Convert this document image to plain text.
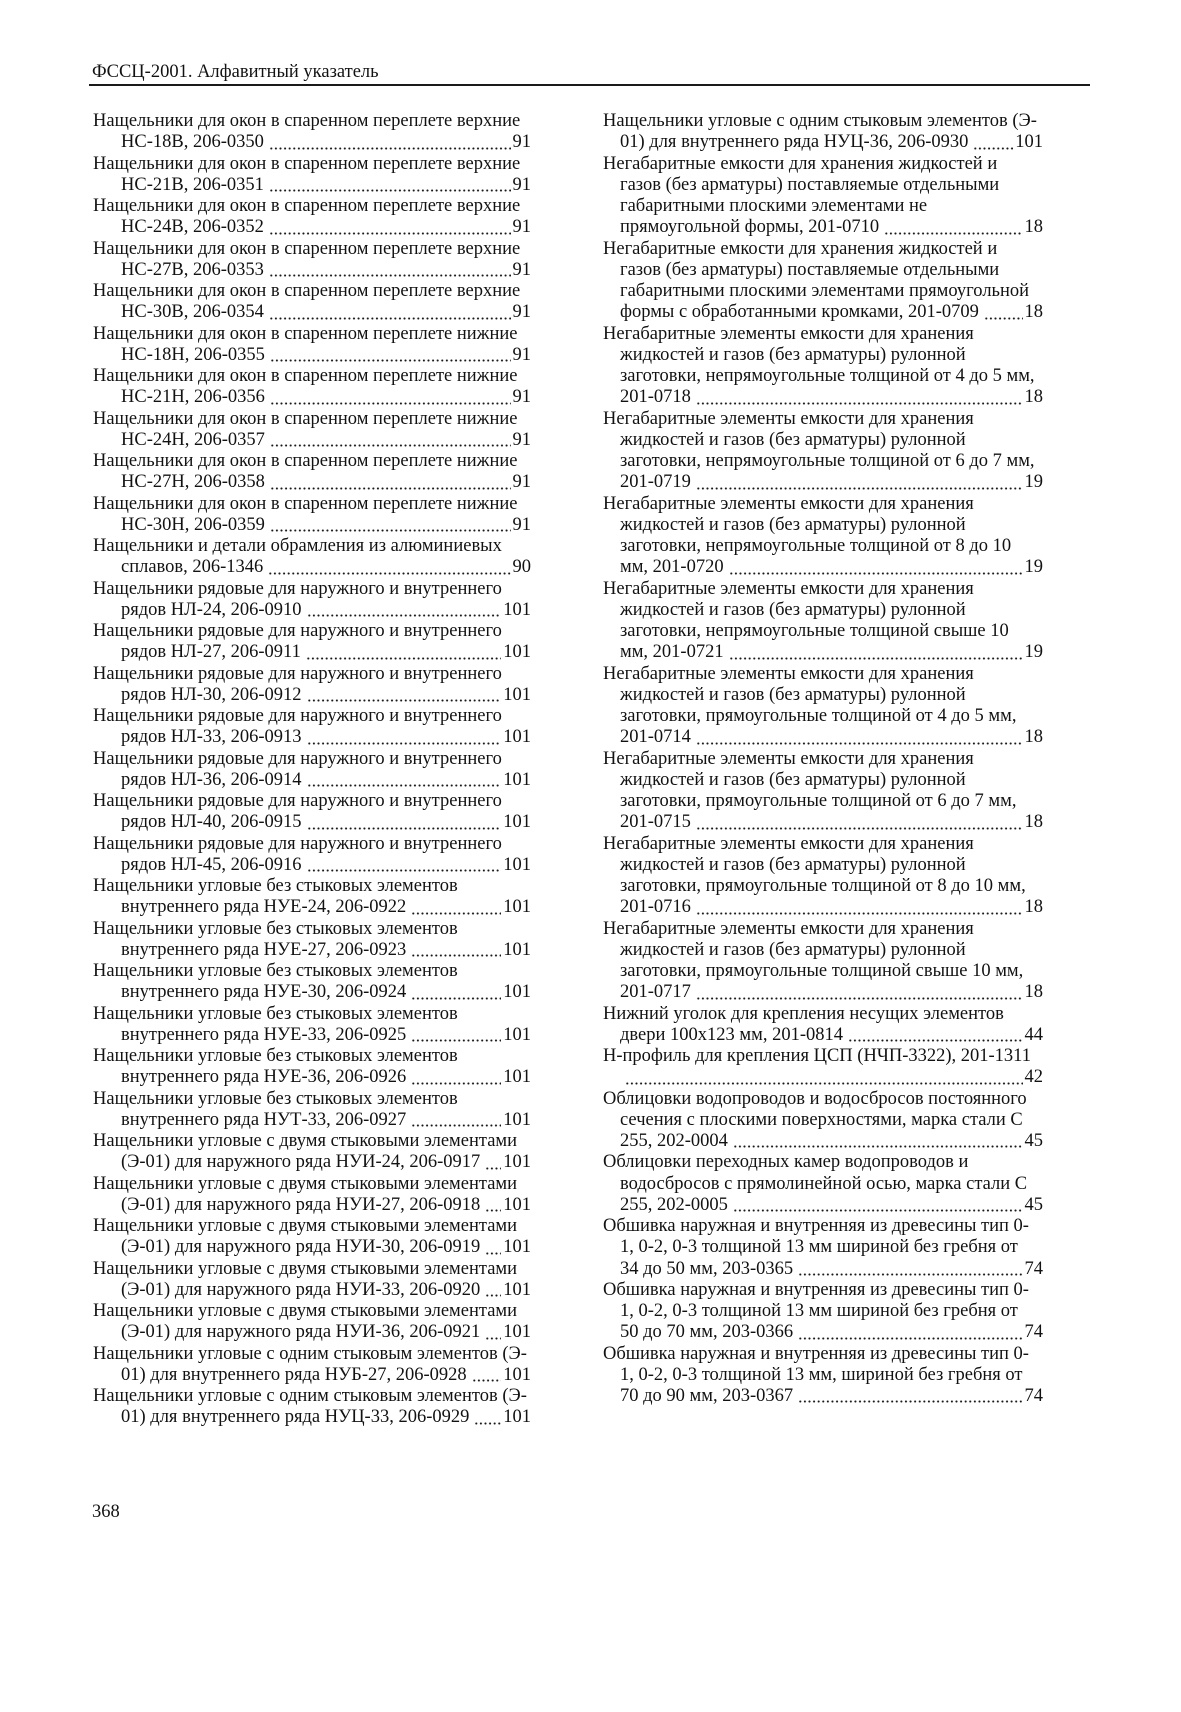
ФССЦ-2001. Алфавитный указатель
Нащельники для окон в спаренном переплете верхние
НС-18В, 206-0350	91
Нащельники для окон в спаренном переплете верхние
НС-21В, 206-0351	91
Нащельники для окон в спаренном переплете верхние
НС-24В, 206-0352	91
Нащельники для окон в спаренном переплете верхние
НС-27В, 206-0353	91
Нащельники для окон в спаренном переплете верхние
НС-30В, 206-0354	91
Нащельники для окон в спаренном переплете нижние
НС-18Н, 206-0355	91
Нащельники для окон в спаренном переплете нижние
НС-21Н, 206-0356	91
Нащельники для окон в спаренном переплете нижние
НС-24Н, 206-0357	91
Нащельники для окон в спаренном переплете нижние
НС-27Н, 206-0358	91
Нащельники для окон в спаренном переплете нижние
НС-30Н, 206-0359	91
Нащельники и детали обрамления из алюминиевых
сплавов, 206-1346	90
Нащельники рядовые для наружного и внутреннего
рядов НЛ-24, 206-0910	101
Нащельники рядовые для наружного и внутреннего
рядов НЛ-27, 206-0911	101
Нащельники рядовые для наружного и внутреннего
рядов НЛ-30, 206-0912	101
Нащельники рядовые для наружного и внутреннего
рядов НЛ-33, 206-0913	101
Нащельники рядовые для наружного и внутреннего
рядов НЛ-36, 206-0914	101
Нащельники рядовые для наружного и внутреннего
рядов НЛ-40, 206-0915	101
Нащельники рядовые для наружного и внутреннего
рядов НЛ-45, 206-0916	101
Нащельники угловые без стыковых элементов
внутреннего ряда НУЕ-24, 206-0922	101
Нащельники угловые без стыковых элементов
внутреннего ряда НУЕ-27, 206-0923	101
Нащельники угловые без стыковых элементов
внутреннего ряда НУЕ-30, 206-0924	101
Нащельники угловые без стыковых элементов
внутреннего ряда НУЕ-33, 206-0925	101
Нащельники угловые без стыковых элементов
внутреннего ряда НУЕ-36, 206-0926	101
Нащельники угловые без стыковых элементов
внутреннего ряда НУТ-33, 206-0927	101
Нащельники угловые с двумя стыковыми элементами
(Э-01) для наружного ряда НУИ-24, 206-0917 101
Нащельники угловые с двумя стыковыми элементами
(Э-01) для наружного ряда НУИ-27, 206-0918 101
Нащельники угловые с двумя стыковыми элементами
(Э-01) для наружного ряда НУИ-30, 206-0919 101
Нащельники угловые с двумя стыковыми элементами
(Э-01) для наружного ряда НУИ-33, 206-0920 101
Нащельники угловые с двумя стыковыми элементами
(Э-01) для наружного ряда НУИ-36, 206-0921 101
Нащельники угловые с одним стыковым элементов (Э-
01) для внутреннего ряда НУБ-27, 206-0928 101
Нащельники угловые с одним стыковым элементов (Э-
01) для внутреннего ряда НУЦ-33, 206-0929 101
Нащельники угловые с одним стыковым элементов (Э-
01) для внутреннего ряда НУЦ-36, 206-0930	101
Негабаритные емкости для хранения жидкостей и
газов (без арматуры) поставляемые отдельными
габаритными плоскими элементами не
прямоугольной формы, 201-0710	18
Негабаритные емкости для хранения жидкостей и
газов (без арматуры) поставляемые отдельными
габаритными плоскими элементами прямоугольной
формы с обработанными кромками, 201-0709 18
Негабаритные элементы емкости для хранения
жидкостей и газов (без арматуры) рулонной
заготовки, непрямоугольные толщиной от 4 до 5 мм,
201-0718	18
Негабаритные элементы емкости для хранения
жидкостей и газов (без арматуры) рулонной
заготовки, непрямоугольные толщиной от 6 до 7 мм,
201-0719	19
Негабаритные элементы емкости для хранения
жидкостей и газов (без арматуры) рулонной
заготовки, непрямоугольные толщиной от 8 до 10
мм, 201-0720	19
Негабаритные элементы емкости для хранения
жидкостей и газов (без арматуры) рулонной
заготовки, непрямоугольные толщиной свыше 10
мм, 201-0721	19
Негабаритные элементы емкости для хранения
жидкостей и газов (без арматуры) рулонной
заготовки, прямоугольные толщиной от 4 до 5 мм,
201-0714	18
Негабаритные элементы емкости для хранения
жидкостей и газов (без арматуры) рулонной
заготовки, прямоугольные толщиной от 6 до 7 мм,
201-0715	18
Негабаритные элементы емкости для хранения
жидкостей и газов (без арматуры) рулонной
заготовки, прямоугольные толщиной от 8 до 10 мм,
201-0716	18
Негабаритные элементы емкости для хранения
жидкостей и газов (без арматуры) рулонной
заготовки, прямоугольные толщиной свыше 10 мм,
201-0717	18
Нижний уголок для крепления несущих элементов
двери 100х123 мм, 201-0814	44
Н-профиль для крепления ЦСП (НЧП-3322), 201-1311
42
Облицовки водопроводов и водосбросов постоянного
сечения с плоскими поверхностями, марка стали С
255, 202-0004	45
Облицовки переходных камер водопроводов и
водосбросов с прямолинейной осью, марка стали С
255, 202-0005	45
Обшивка наружная и внутренняя из древесины тип 0-
1, 0-2, 0-3 толщиной 13 мм шириной без гребня от
34 до 50 мм, 203-0365	74
Обшивка наружная и внутренняя из древесины тип 0-
1, 0-2, 0-3 толщиной 13 мм шириной без гребня от
50 до 70 мм, 203-0366	74
Обшивка наружная и внутренняя из древесины тип 0-
1, 0-2, 0-3 толщиной 13 мм, шириной без гребня от
70 до 90 мм, 203-0367	74
368
